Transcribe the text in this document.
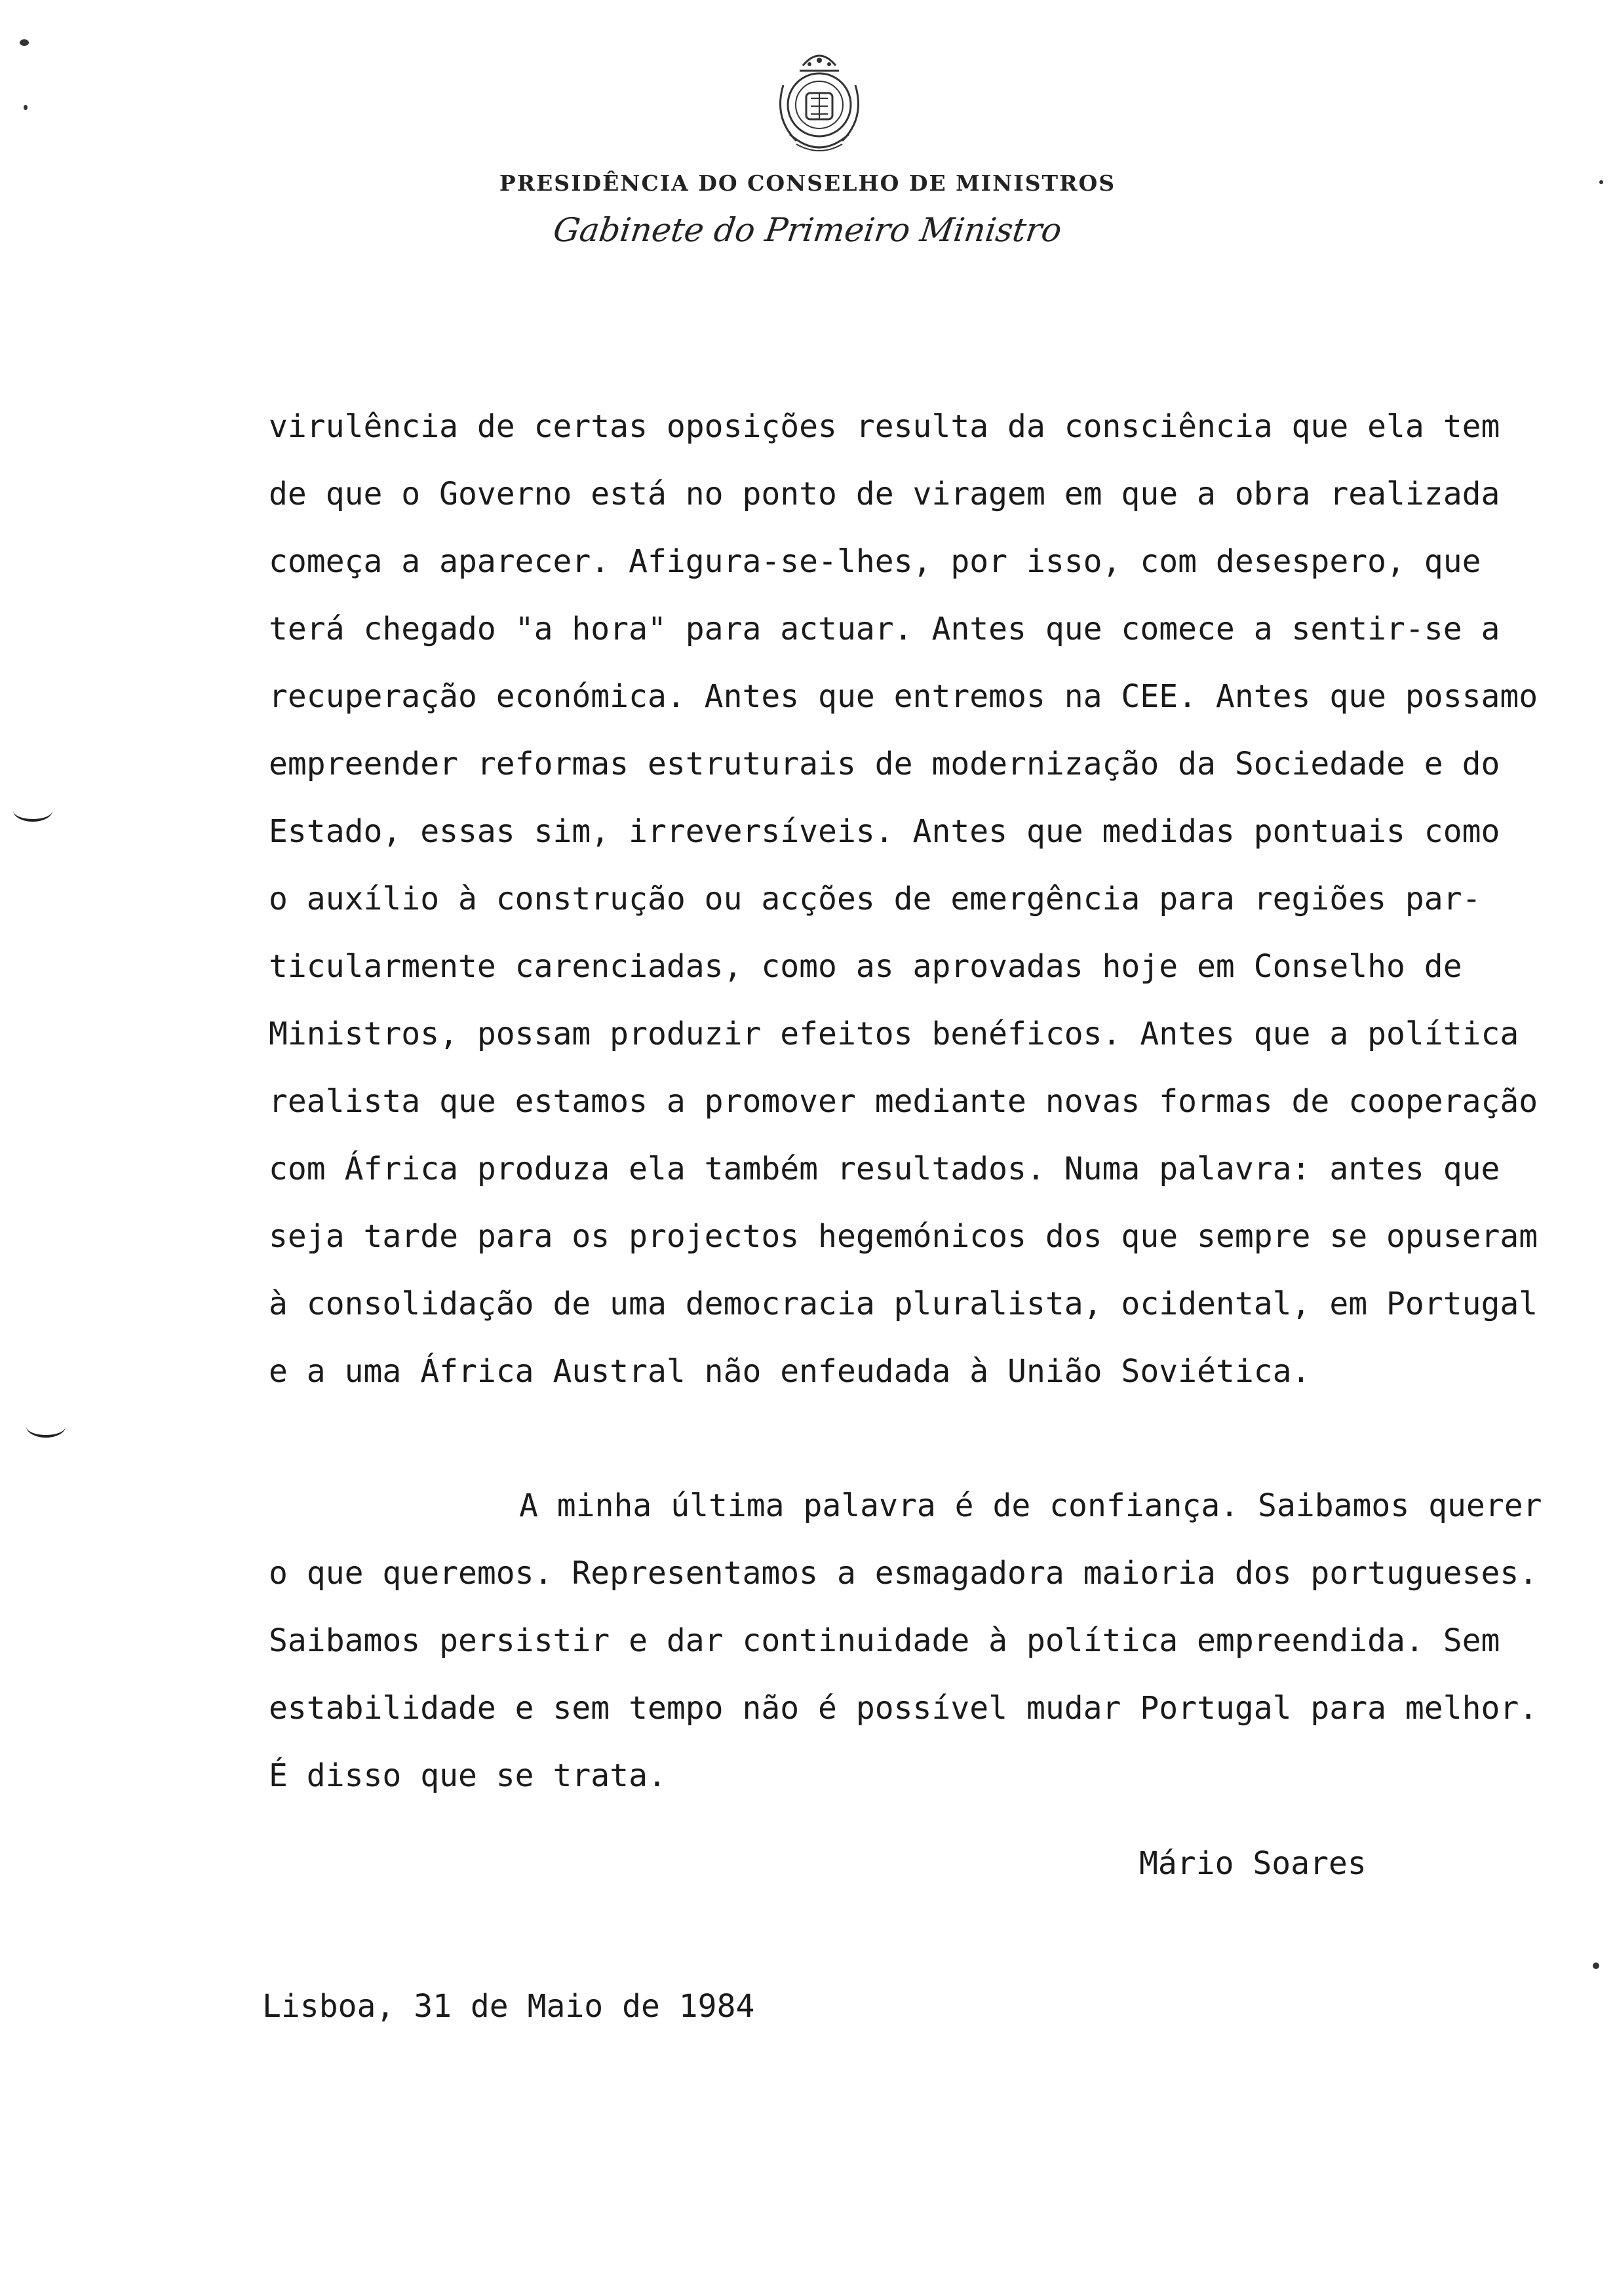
PRESIDÊNCIA DO CONSELHO DE MINISTROS
Gabinete do Primeiro Ministro
virulência de certas oposições resulta da consciência que ela tem
de que o Governo está no ponto de viragem em que a obra realizada
começa a aparecer. Afigura-se-lhes, por isso, com desespero, que
terá chegado "a hora" para actuar. Antes que comece a sentir-se a
recuperação económica. Antes que entremos na CEE. Antes que possamo
empreender reformas estruturais de modernização da Sociedade e do
Estado, essas sim, irreversíveis. Antes que medidas pontuais como
o auxílio à construção ou acções de emergência para regiões par-
ticularmente carenciadas, como as aprovadas hoje em Conselho de
Ministros, possam produzir efeitos benéficos. Antes que a política
realista que estamos a promover mediante novas formas de cooperação
com África produza ela também resultados. Numa palavra: antes que
seja tarde para os projectos hegemónicos dos que sempre se opuseram
à consolidação de uma democracia pluralista, ocidental, em Portugal
e a uma África Austral não enfeudada à União Soviética.
A minha última palavra é de confiança. Saibamos querer
o que queremos. Representamos a esmagadora maioria dos portugueses.
Saibamos persistir e dar continuidade à política empreendida. Sem
estabilidade e sem tempo não é possível mudar Portugal para melhor.
É disso que se trata.
Mário Soares
Lisboa, 31 de Maio de 1984
